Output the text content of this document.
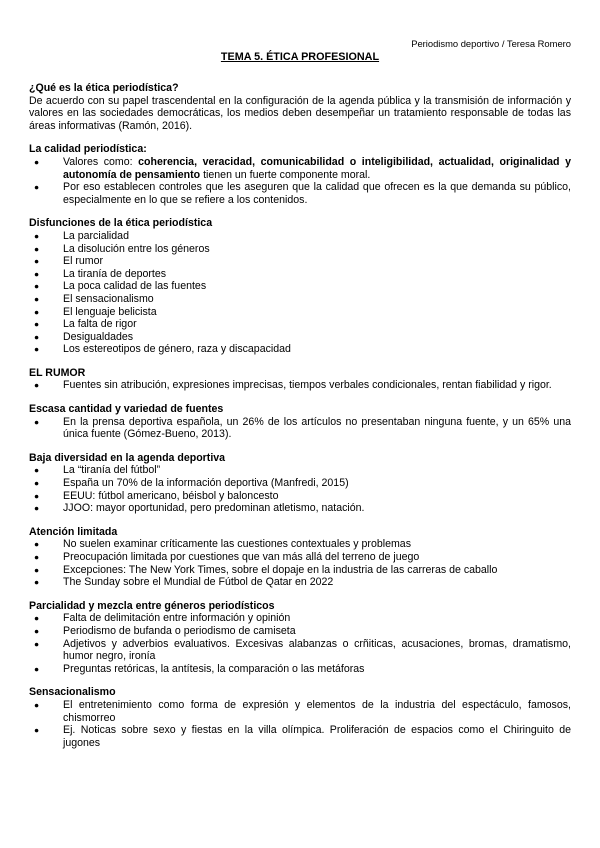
Periodismo deportivo / Teresa Romero
TEMA 5. ÉTICA PROFESIONAL
¿Qué es la ética periodística?
De acuerdo con su papel trascendental en la configuración de la agenda pública y la transmisión de información y valores en las sociedades democráticas, los medios deben desempeñar un tratamiento responsable de todas las áreas informativas (Ramón, 2016).
La calidad periodística:
● Valores como: coherencia, veracidad, comunicabilidad o inteligibilidad, actualidad, originalidad y autonomía de pensamiento tienen un fuerte componente moral.
● Por eso establecen controles que les aseguren que la calidad que ofrecen es la que demanda su público, especialmente en lo que se refiere a los contenidos.
Disfunciones de la ética periodística
● La parcialidad
● La disolución entre los géneros
● El rumor
● La tiranía de deportes
● La poca calidad de las fuentes
● El sensacionalismo
● El lenguaje belicista
● La falta de rigor
● Desigualdades
● Los estereotipos de género, raza y discapacidad
EL RUMOR
● Fuentes sin atribución, expresiones imprecisas, tiempos verbales condicionales, rentan fiabilidad y rigor.
Escasa cantidad y variedad de fuentes
● En la prensa deportiva española, un 26% de los artículos no presentaban ninguna fuente, y un 65% una única fuente (Gómez-Bueno, 2013).
Baja diversidad en la agenda deportiva
● La “tiranía del fútbol”
● España un 70% de la información deportiva (Manfredi, 2015)
● EEUU: fútbol americano, béisbol y baloncesto
● JJOO: mayor oportunidad, pero predominan atletismo, natación.
Atención limitada
● No suelen examinar críticamente las cuestiones contextuales y problemas
● Preocupación limitada por cuestiones que van más allá del terreno de juego
● Excepciones: The New York Times, sobre el dopaje en la industria de las carreras de caballo
● The Sunday sobre el Mundial de Fútbol de Qatar en 2022
Parcialidad y mezcla entre géneros periodísticos
● Falta de delimitación entre información y opinión
● Periodismo de bufanda o periodismo de camiseta
● Adjetivos y adverbios evaluativos. Excesivas alabanzas o crñiticas, acusaciones, bromas, dramatismo, humor negro, ironía
● Preguntas retóricas, la antítesis, la comparación o las metáforas
Sensacionalismo
● El entretenimiento como forma de expresión y elementos de la industria del espectáculo, famosos, chismorreo
● Ej. Noticas sobre sexo y fiestas en la villa olímpica. Proliferación de espacios como el Chiringuito de jugones
